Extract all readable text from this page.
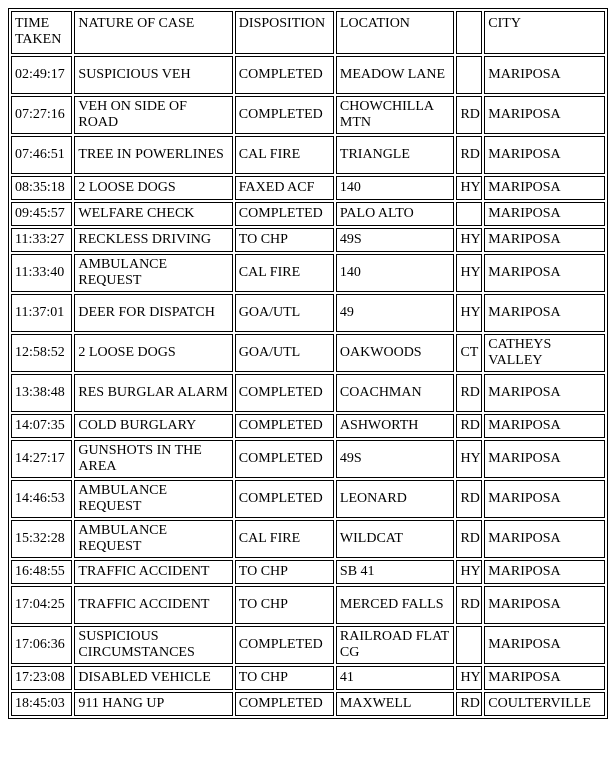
TIME TAKEN	NATURE OF CASE	DISPOSITION	LOCATION		CITY
02:49:17	SUSPICIOUS VEH	COMPLETED	MEADOW LANE		MARIPOSA
07:27:16	VEH ON SIDE OF ROAD	COMPLETED	CHOWCHILLA MTN	RD	MARIPOSA
07:46:51	TREE IN POWERLINES	CAL FIRE	TRIANGLE	RD	MARIPOSA
08:35:18	2 LOOSE DOGS	FAXED ACF	140	HY	MARIPOSA
09:45:57	WELFARE CHECK	COMPLETED	PALO ALTO		MARIPOSA
11:33:27	RECKLESS DRIVING	TO CHP	49S	HY	MARIPOSA
11:33:40	AMBULANCE REQUEST	CAL FIRE	140	HY	MARIPOSA
11:37:01	DEER FOR DISPATCH	GOA/UTL	49	HY	MARIPOSA
12:58:52	2 LOOSE DOGS	GOA/UTL	OAKWOODS	CT	CATHEYS VALLEY
13:38:48	RES BURGLAR ALARM	COMPLETED	COACHMAN	RD	MARIPOSA
14:07:35	COLD BURGLARY	COMPLETED	ASHWORTH	RD	MARIPOSA
14:27:17	GUNSHOTS IN THE AREA	COMPLETED	49S	HY	MARIPOSA
14:46:53	AMBULANCE REQUEST	COMPLETED	LEONARD	RD	MARIPOSA
15:32:28	AMBULANCE REQUEST	CAL FIRE	WILDCAT	RD	MARIPOSA
16:48:55	TRAFFIC ACCIDENT	TO CHP	SB 41	HY	MARIPOSA
17:04:25	TRAFFIC ACCIDENT	TO CHP	MERCED FALLS	RD	MARIPOSA
17:06:36	SUSPICIOUS CIRCUMSTANCES	COMPLETED	RAILROAD FLAT CG		MARIPOSA
17:23:08	DISABLED VEHICLE	TO CHP	41	HY	MARIPOSA
18:45:03	911 HANG UP	COMPLETED	MAXWELL	RD	COULTERVILLE
